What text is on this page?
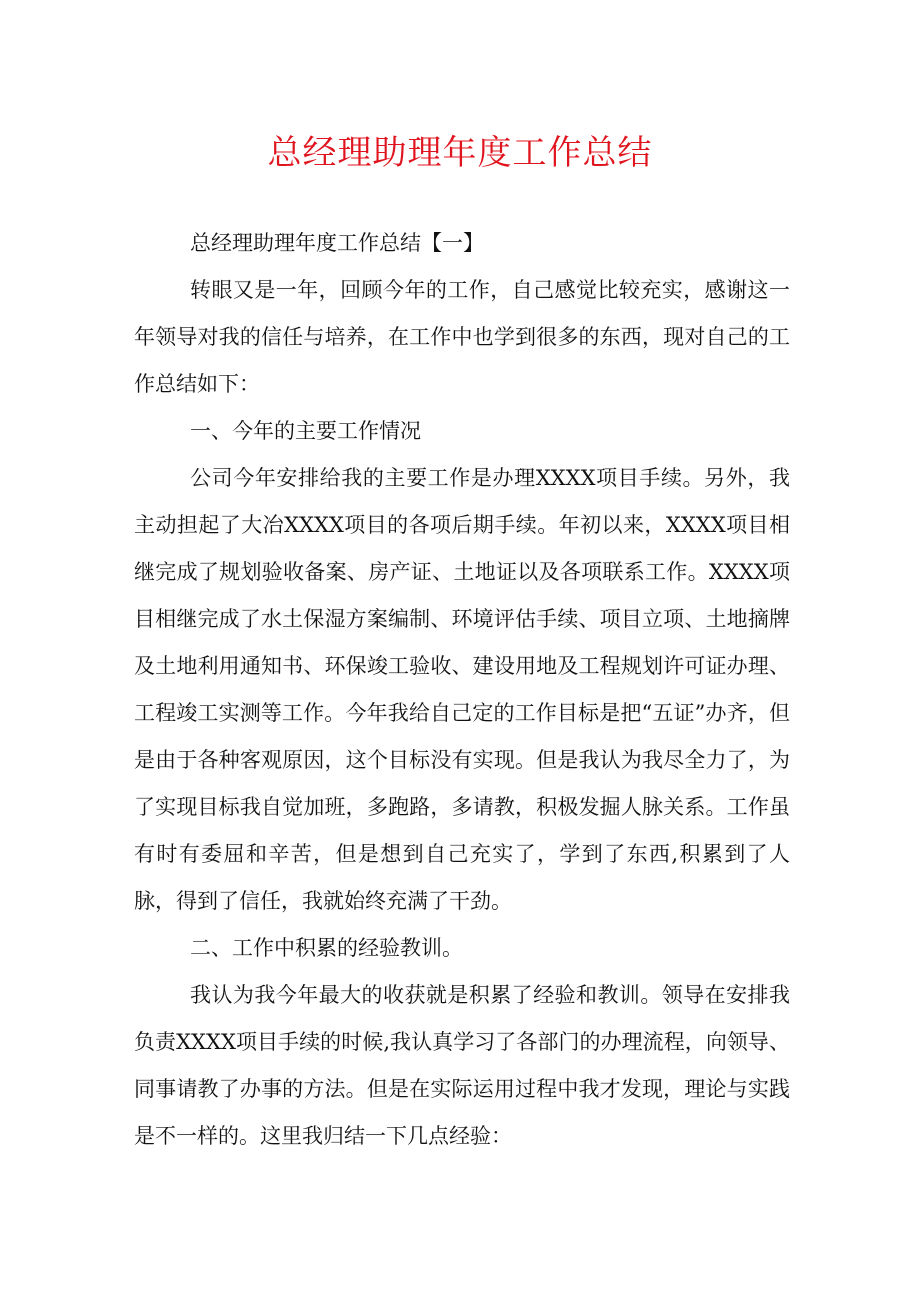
总经理助理年度工作总结

总经理助理年度工作总结【一】

转眼又是一年，回顾今年的工作，自己感觉比较充实，感谢这一年领导对我的信任与培养，在工作中也学到很多的东西，现对自己的工作总结如下：

一、今年的主要工作情况

公司今年安排给我的主要工作是办理XXXX项目手续。另外，我主动担起了大冶XXXX项目的各项后期手续。年初以来，XXXX项目相继完成了规划验收备案、房产证、土地证以及各项联系工作。XXXX项目相继完成了水土保湿方案编制、环境评估手续、项目立项、土地摘牌及土地利用通知书、环保竣工验收、建设用地及工程规划许可证办理、工程竣工实测等工作。今年我给自己定的工作目标是把“五证”办齐，但是由于各种客观原因，这个目标没有实现。但是我认为我尽全力了，为了实现目标我自觉加班，多跑路，多请教，积极发掘人脉关系。工作虽有时有委屈和辛苦，但是想到自己充实了，学到了东西,积累到了人脉，得到了信任，我就始终充满了干劲。

二、工作中积累的经验教训。

我认为我今年最大的收获就是积累了经验和教训。领导在安排我负责XXXX项目手续的时候,我认真学习了各部门的办理流程，向领导、同事请教了办事的方法。但是在实际运用过程中我才发现，理论与实践是不一样的。这里我归结一下几点经验：
